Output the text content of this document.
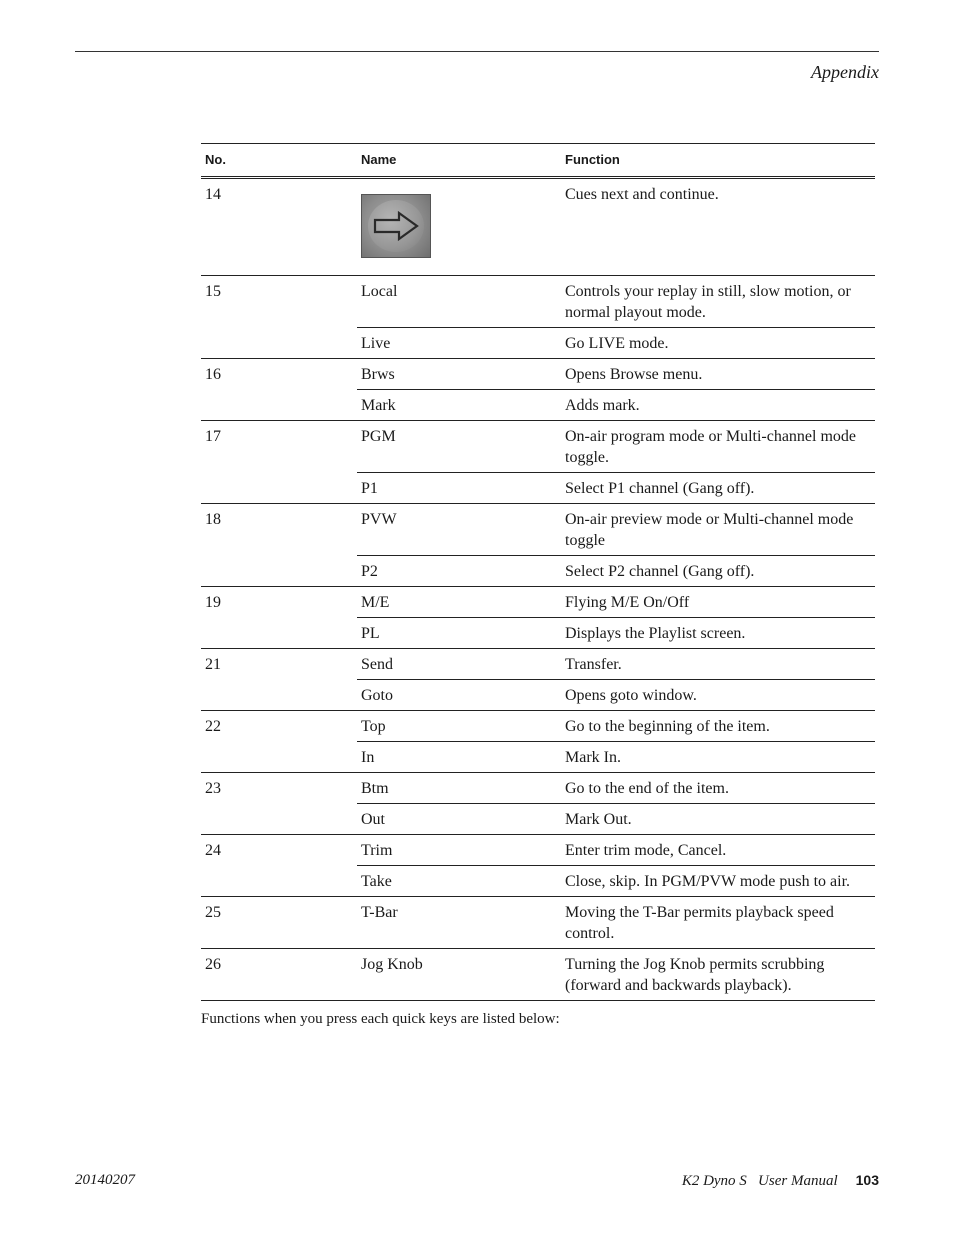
Appendix
No.	Name	Function
14		Cues next and continue.
15	Local	Controls your replay in still, slow motion, or normal playout mode.
	Live	Go LIVE mode.
16	Brws	Opens Browse menu.
	Mark	Adds mark.
17	PGM	On-air program mode or Multi-channel mode toggle.
	P1	Select P1 channel (Gang off).
18	PVW	On-air preview mode or Multi-channel mode toggle
	P2	Select P2 channel (Gang off).
19	M/E	Flying M/E On/Off
	PL	Displays the Playlist screen.
21	Send	Transfer.
	Goto	Opens goto window.
22	Top	Go to the beginning of the item.
	In	Mark In.
23	Btm	Go to the end of the item.
	Out	Mark Out.
24	Trim	Enter trim mode, Cancel.
	Take	Close, skip. In PGM/PVW mode push to air.
25	T-Bar	Moving the T-Bar permits playback speed control.
26	Jog Knob	Turning the Jog Knob permits scrubbing (forward and backwards playback).
Functions when you press each quick keys are listed below:
20140207	K2 Dyno S   User Manual 103
